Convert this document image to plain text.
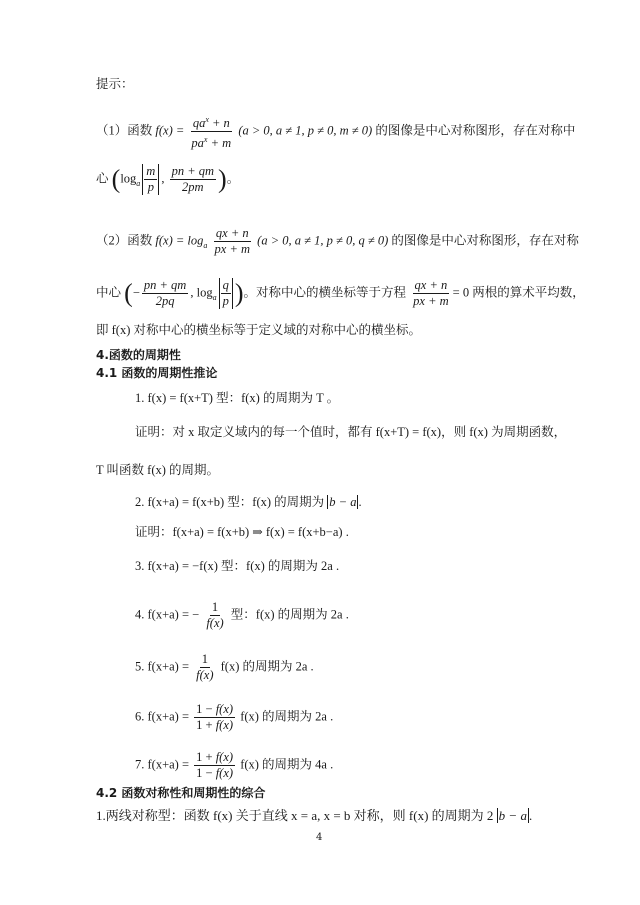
提示：
（1）函数 $f(x) = \frac{qa^x + n}{pa^x + m} (a > 0$, a ≠ 1, p ≠ 0, m ≠ 0) 的图像是中心对称图形，存在对称中
心 ($\log_a \frac{m}{p}$ , $\frac{pn + qm}{2pm}$ )。
（2）函数 $f(x) = \log_a \frac{qx + n}{px + m} (a > 0$, a ≠ 1, p ≠ 0, q ≠ 0) 的图像是中心对称图形，存在对称
中心 (− $\frac{pn + qm}{2pq}$ , $\log_a \frac{q}{p}$ )。对称中心的横坐标等于方程 $\frac{qx + n}{px + m} = 0$ 两根的算术平均数，
即 f(x) 对称中心的横坐标等于定义域的对称中心的横坐标。
4.函数的周期性
4.1 函数的周期性推论
1. f(x) = f(x+T) 型：f(x) 的周期为 T 。
证明：对 x 取定义域内的每一个值时，都有 f(x+T) = f(x)，则 f(x) 为周期函数，
T 叫函数 f(x) 的周期。
2. f(x+a) = f(x+b) 型：f(x) 的周期为 b − a .
证明：f(x+a) = f(x+b) ⇒ f(x) = f(x+b−a) .
3. f(x+a) = −f(x) 型：f(x) 的周期为 2a .
4. f(x+a) = − $\frac{1}{f(x)}$ 型：f(x) 的周期为 2a .
5. $f(x+a) = \frac{1}{f(x)} f(x)$ 的周期为 2a .
6. $f(x+a) = \frac{1 - f(x)}{1 + f(x)} f(x)$ 的周期为 2a .
7. $f(x+a) = \frac{1 + f(x)}{1 - f(x)} f(x)$ 的周期为 4a .
4.2 函数对称性和周期性的综合
1.两线对称型：函数 f(x) 关于直线 x = a, x = b 对称，则 f(x) 的周期为 2 b − a .
4
